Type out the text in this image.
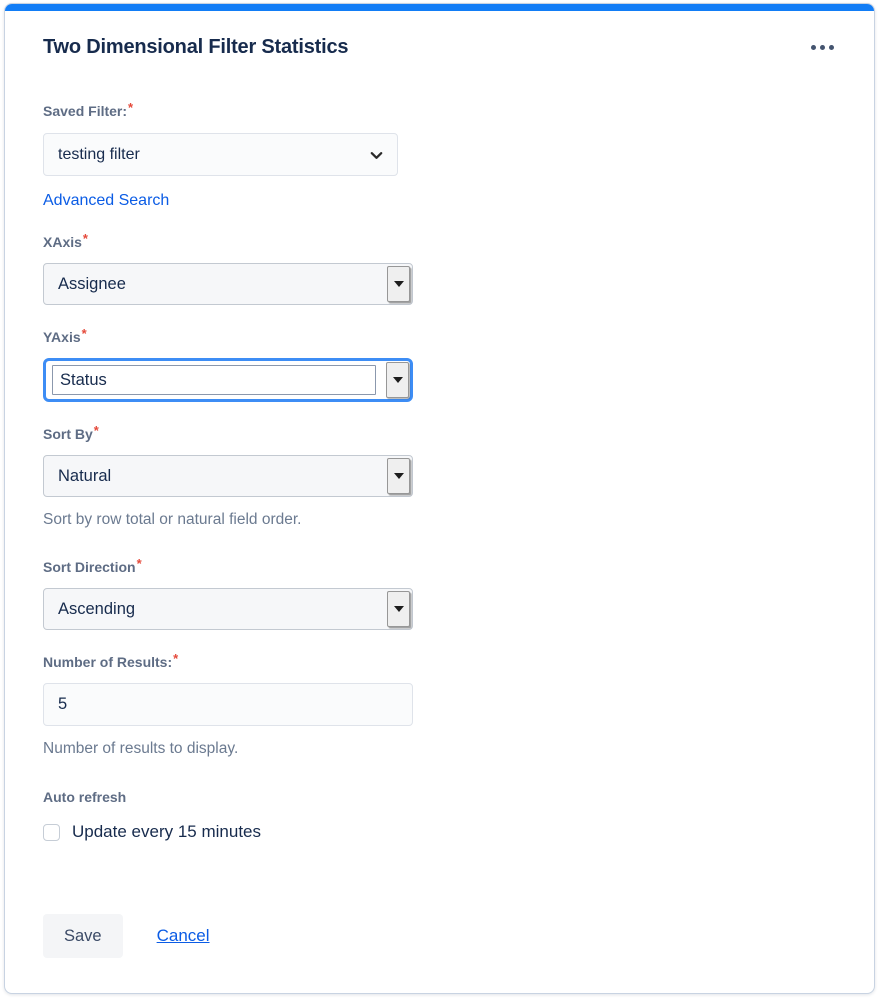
Two Dimensional Filter Statistics
Saved Filter:*
testing filter
Advanced Search
XAxis*
Assignee
YAxis*
Status
Sort By*
Natural
Sort by row total or natural field order.
Sort Direction*
Ascending
Number of Results:*
5
Number of results to display.
Auto refresh
Update every 15 minutes
Save	Cancel
